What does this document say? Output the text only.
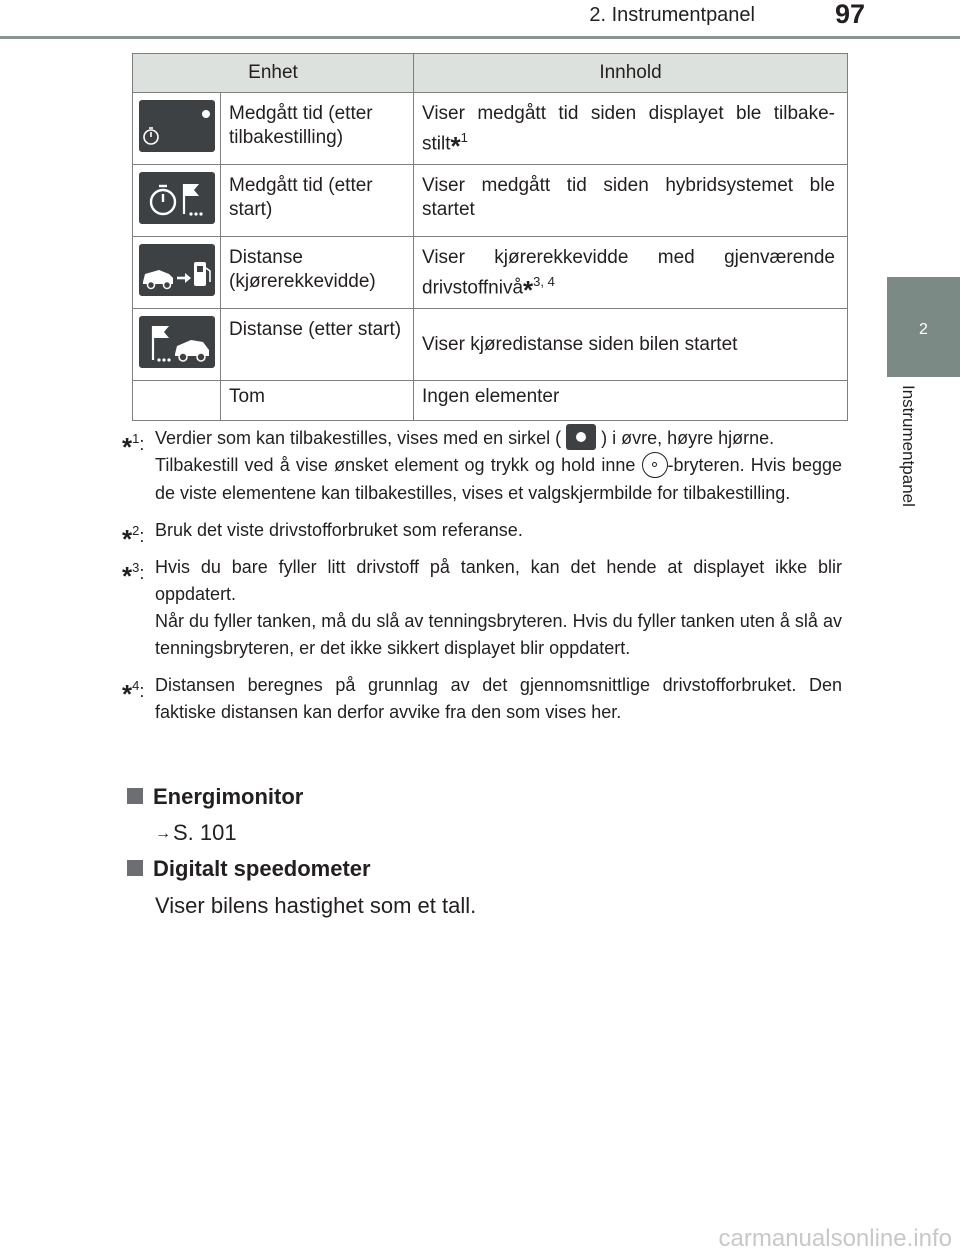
2. Instrumentpanel	97
2
Instrumentpanel
Enhet		Innhold

	Medgått tid (etter tilbakestilling)	Viser medgått tid siden displayet ble tilbake-stilt*$^1$

	Medgått tid (etter start)	Viser medgått tid siden hybridsystemet ble startet

	Distanse (kjørerekkevidde)	Viser kjørerekkevidde med gjenværende drivstoffnivå*$^{3, 4}$

	Distanse (etter start)	Viser kjøredistanse siden bilen startet
	Tom	Ingen elementer
*$^1$: Verdier som kan tilbakestilles, vises med en sirkel (  ) i øvre, høyre hjørne.

Tilbakestill ved å vise ønsket element og trykk og hold inne -bryteren. Hvis begge de viste elementene kan tilbakestilles, vises et valgskjermbilde for tilbakestilling.

*$^2$: Bruk det viste drivstofforbruket som referanse.

*$^3$: Hvis du bare fyller litt drivstoff på tanken, kan det hende at displayet ikke blir oppdatert.

Når du fyller tanken, må du slå av tenningsbryteren. Hvis du fyller tanken uten å slå av tenningsbryteren, er det ikke sikkert displayet blir oppdatert.

*$^4$: Distansen beregnes på grunnlag av det gjennomsnittlige drivstofforbruket. Den faktiske distansen kan derfor avvike fra den som vises her.

Energimonitor
→S. 101
Digitalt speedometer
Viser bilens hastighet som et tall.
carmanualsonline.info
